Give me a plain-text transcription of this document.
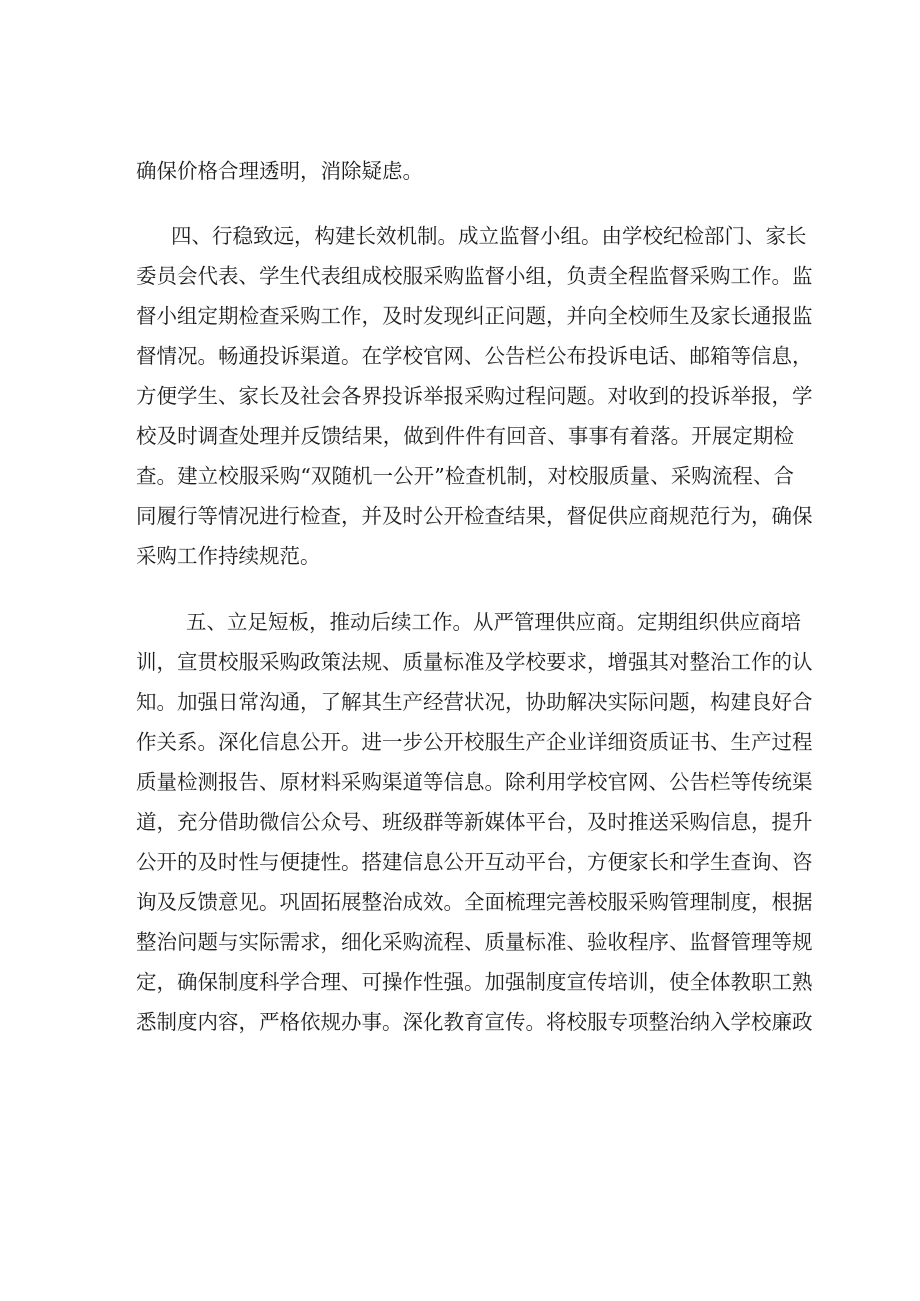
确保价格合理透明，消除疑虑。
四、行稳致远，构建长效机制。成立监督小组。由学校纪检部门、家长
委员会代表、学生代表组成校服采购监督小组，负责全程监督采购工作。监
督小组定期检查采购工作，及时发现纠正问题，并向全校师生及家长通报监
督情况。畅通投诉渠道。在学校官网、公告栏公布投诉电话、邮箱等信息，
方便学生、家长及社会各界投诉举报采购过程问题。对收到的投诉举报，学
校及时调查处理并反馈结果，做到件件有回音、事事有着落。开展定期检
查。建立校服采购“双随机一公开”检查机制，对校服质量、采购流程、合
同履行等情况进行检查，并及时公开检查结果，督促供应商规范行为，确保
采购工作持续规范。
五、立足短板，推动后续工作。从严管理供应商。定期组织供应商培
训，宣贯校服采购政策法规、质量标准及学校要求，增强其对整治工作的认
知。加强日常沟通，了解其生产经营状况，协助解决实际问题，构建良好合
作关系。深化信息公开。进一步公开校服生产企业详细资质证书、生产过程
质量检测报告、原材料采购渠道等信息。除利用学校官网、公告栏等传统渠
道，充分借助微信公众号、班级群等新媒体平台，及时推送采购信息，提升
公开的及时性与便捷性。搭建信息公开互动平台，方便家长和学生查询、咨
询及反馈意见。巩固拓展整治成效。全面梳理完善校服采购管理制度，根据
整治问题与实际需求，细化采购流程、质量标准、验收程序、监督管理等规
定，确保制度科学合理、可操作性强。加强制度宣传培训，使全体教职工熟
悉制度内容，严格依规办事。深化教育宣传。将校服专项整治纳入学校廉政
